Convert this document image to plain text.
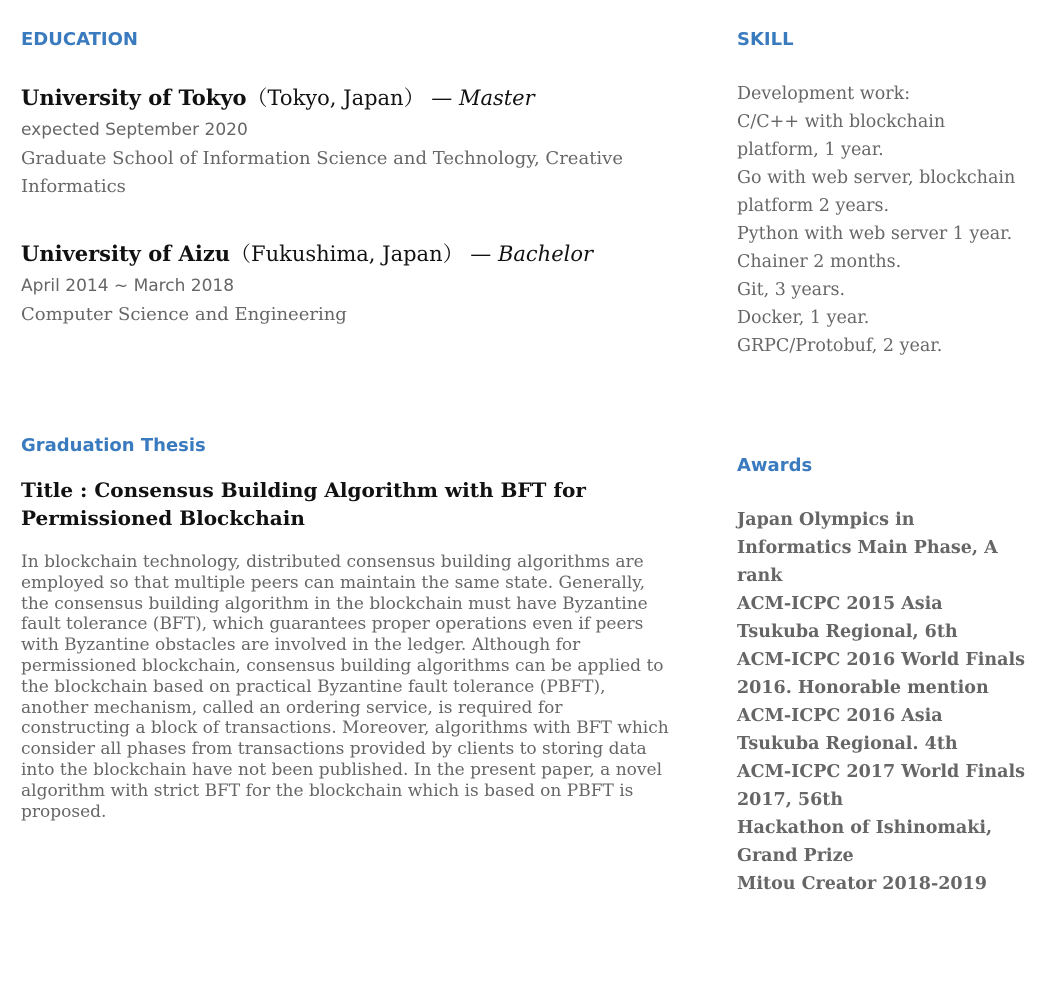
EDUCATION
University of Tokyo（Tokyo, Japan） — Master
expected September 2020
Graduate School of Information Science and Technology, Creative Informatics
University of Aizu（Fukushima, Japan） — Bachelor
April 2014 ~ March 2018
Computer Science and Engineering
Graduation Thesis
Title : Consensus Building Algorithm with BFT for Permissioned Blockchain

In blockchain technology, distributed consensus building algorithms are employed so that multiple peers can maintain the same state. Generally, the consensus building algorithm in the blockchain must have Byzantine fault tolerance (BFT), which guarantees proper operations even if peers with Byzantine obstacles are involved in the ledger. Although for permissioned blockchain, consensus building algorithms can be applied to the blockchain based on practical Byzantine fault tolerance (PBFT), another mechanism, called an ordering service, is required for constructing a block of transactions. Moreover, algorithms with BFT which consider all phases from transactions provided by clients to storing data into the blockchain have not been published. In the present paper, a novel algorithm with strict BFT for the blockchain which is based on PBFT is proposed.

SKILL

Development work:
C/C++ with blockchain platform, 1 year.
Go with web server, blockchain platform 2 years.
Python with web server 1 year. Chainer 2 months.
Git, 3 years.
Docker, 1 year.
GRPC/Protobuf, 2 year.

Awards
Japan Olympics in Informatics Main Phase, A rank
ACM-ICPC 2015 Asia Tsukuba Regional, 6th
ACM-ICPC 2016 World Finals 2016. Honorable mention
ACM-ICPC 2016 Asia Tsukuba Regional. 4th
ACM-ICPC 2017 World Finals 2017, 56th
Hackathon of Ishinomaki, Grand Prize
Mitou Creator 2018-2019
